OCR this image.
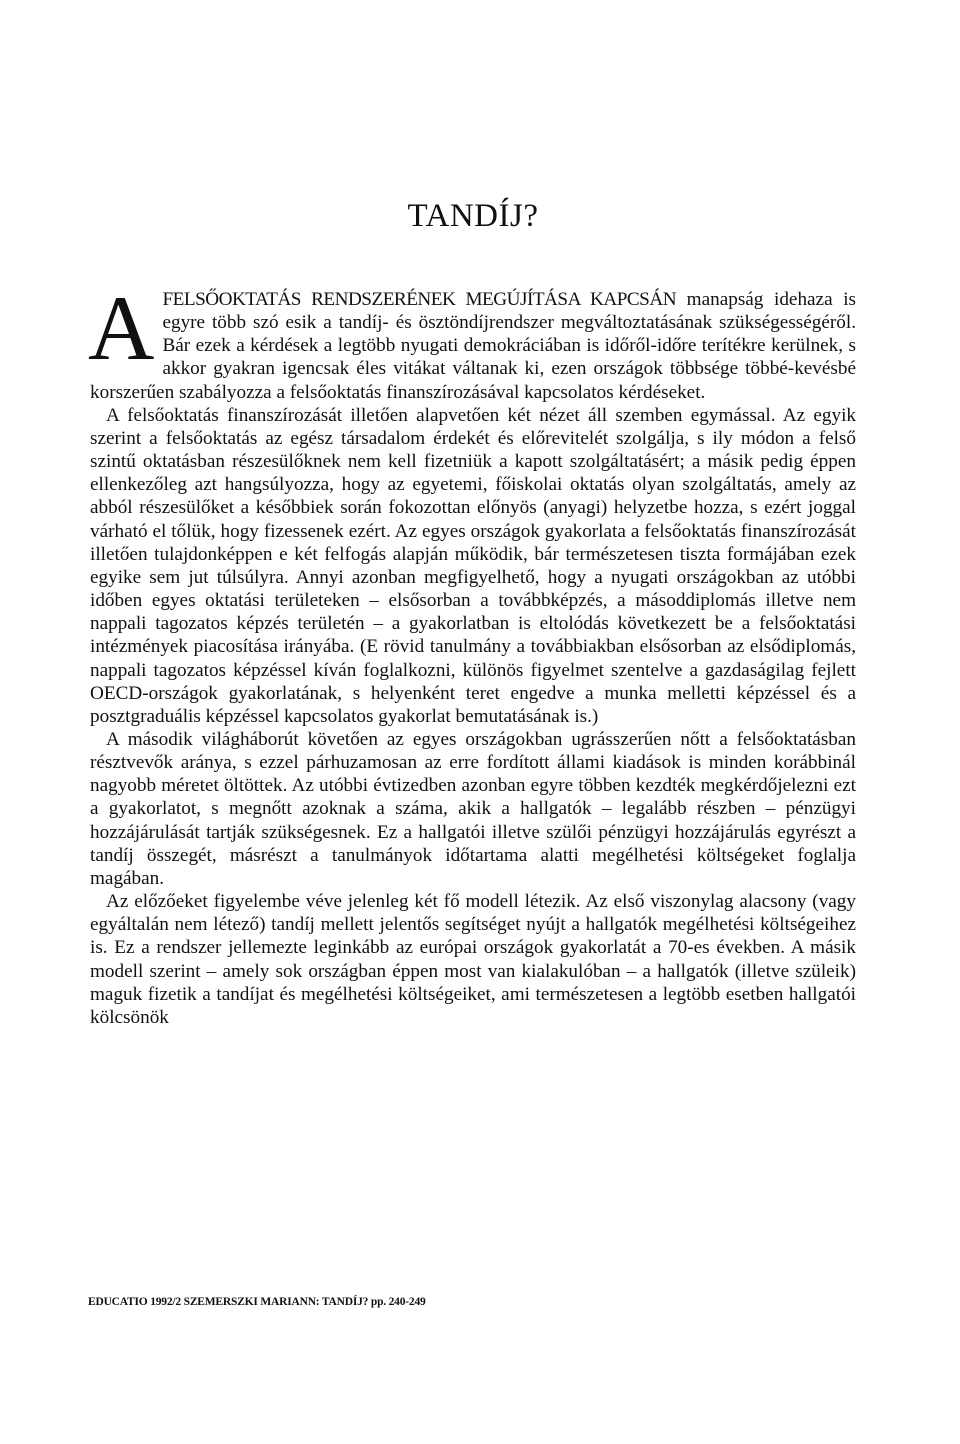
TANDÍJ?

AFELSŐOKTATÁS RENDSZERÉNEK MEGÚJÍTÁSA KAPCSÁN manapság idehaza is egyre több szó esik a tandíj- és ösztöndíjrendszer megváltoztatásának szükségességéről. Bár ezek a kérdések a legtöbb nyugati demokráciában is időről-időre terítékre kerülnek, s akkor gyakran igencsak éles vitákat váltanak ki, ezen országok többsége többé-kevésbé korszerűen szabályozza a felsőoktatás finanszírozásával kapcsolatos kérdéseket.

A felsőoktatás finanszírozását illetően alapvetően két nézet áll szemben egymással. Az egyik szerint a felsőoktatás az egész társadalom érdekét és előrevitelét szolgálja, s ily módon a felső szintű oktatásban részesülőknek nem kell fizetniük a kapott szolgáltatásért; a másik pedig éppen ellenkezőleg azt hangsúlyozza, hogy az egyetemi, főiskolai oktatás olyan szolgáltatás, amely az abból részesülőket a későbbiek során fokozottan előnyös (anyagi) helyzetbe hozza, s ezért joggal várható el tőlük, hogy fizessenek ezért. Az egyes országok gyakorlata a felsőoktatás finanszírozását illetően tulajdonképpen e két felfogás alapján működik, bár természetesen tiszta formájában ezek egyike sem jut túlsúlyra. Annyi azonban megfigyelhető, hogy a nyugati országokban az utóbbi időben egyes oktatási területeken – elsősorban a továbbképzés, a másoddiplomás illetve nem nappali tagozatos képzés területén – a gyakorlatban is eltolódás következett be a felsőoktatási intézmények piacosítása irányába. (E rövid tanulmány a továbbiakban elsősorban az elsődiplomás, nappali tagozatos képzéssel kíván foglalkozni, különös figyelmet szentelve a gazdaságilag fejlett OECD-országok gyakorlatának, s helyenként teret engedve a munka melletti képzéssel és a posztgraduális képzéssel kapcsolatos gyakorlat bemutatásának is.)

A második világháborút követően az egyes országokban ugrásszerűen nőtt a felsőoktatásban résztvevők aránya, s ezzel párhuzamosan az erre fordított állami kiadások is minden korábbinál nagyobb méretet öltöttek. Az utóbbi évtizedben azonban egyre többen kezdték megkérdőjelezni ezt a gyakorlatot, s megnőtt azoknak a száma, akik a hallgatók – legalább részben – pénzügyi hozzájárulását tartják szükségesnek. Ez a hallgatói illetve szülői pénzügyi hozzájárulás egyrészt a tandíj összegét, másrészt a tanulmányok időtartama alatti megélhetési költségeket foglalja magában.

Az előzőeket figyelembe véve jelenleg két fő modell létezik. Az első viszonylag alacsony (vagy egyáltalán nem létező) tandíj mellett jelentős segítséget nyújt a hallgatók megélhetési költségeihez is. Ez a rendszer jellemezte leginkább az európai országok gyakorlatát a 70-es években. A másik modell szerint – amely sok országban éppen most van kialakulóban – a hallgatók (illetve szüleik) maguk fizetik a tandíjat és megélhetési költségeiket, ami természetesen a legtöbb esetben hallgatói kölcsönök

EDUCATIO 1992/2 SZEMERSZKI MARIANN: TANDÍJ? pp. 240-249
